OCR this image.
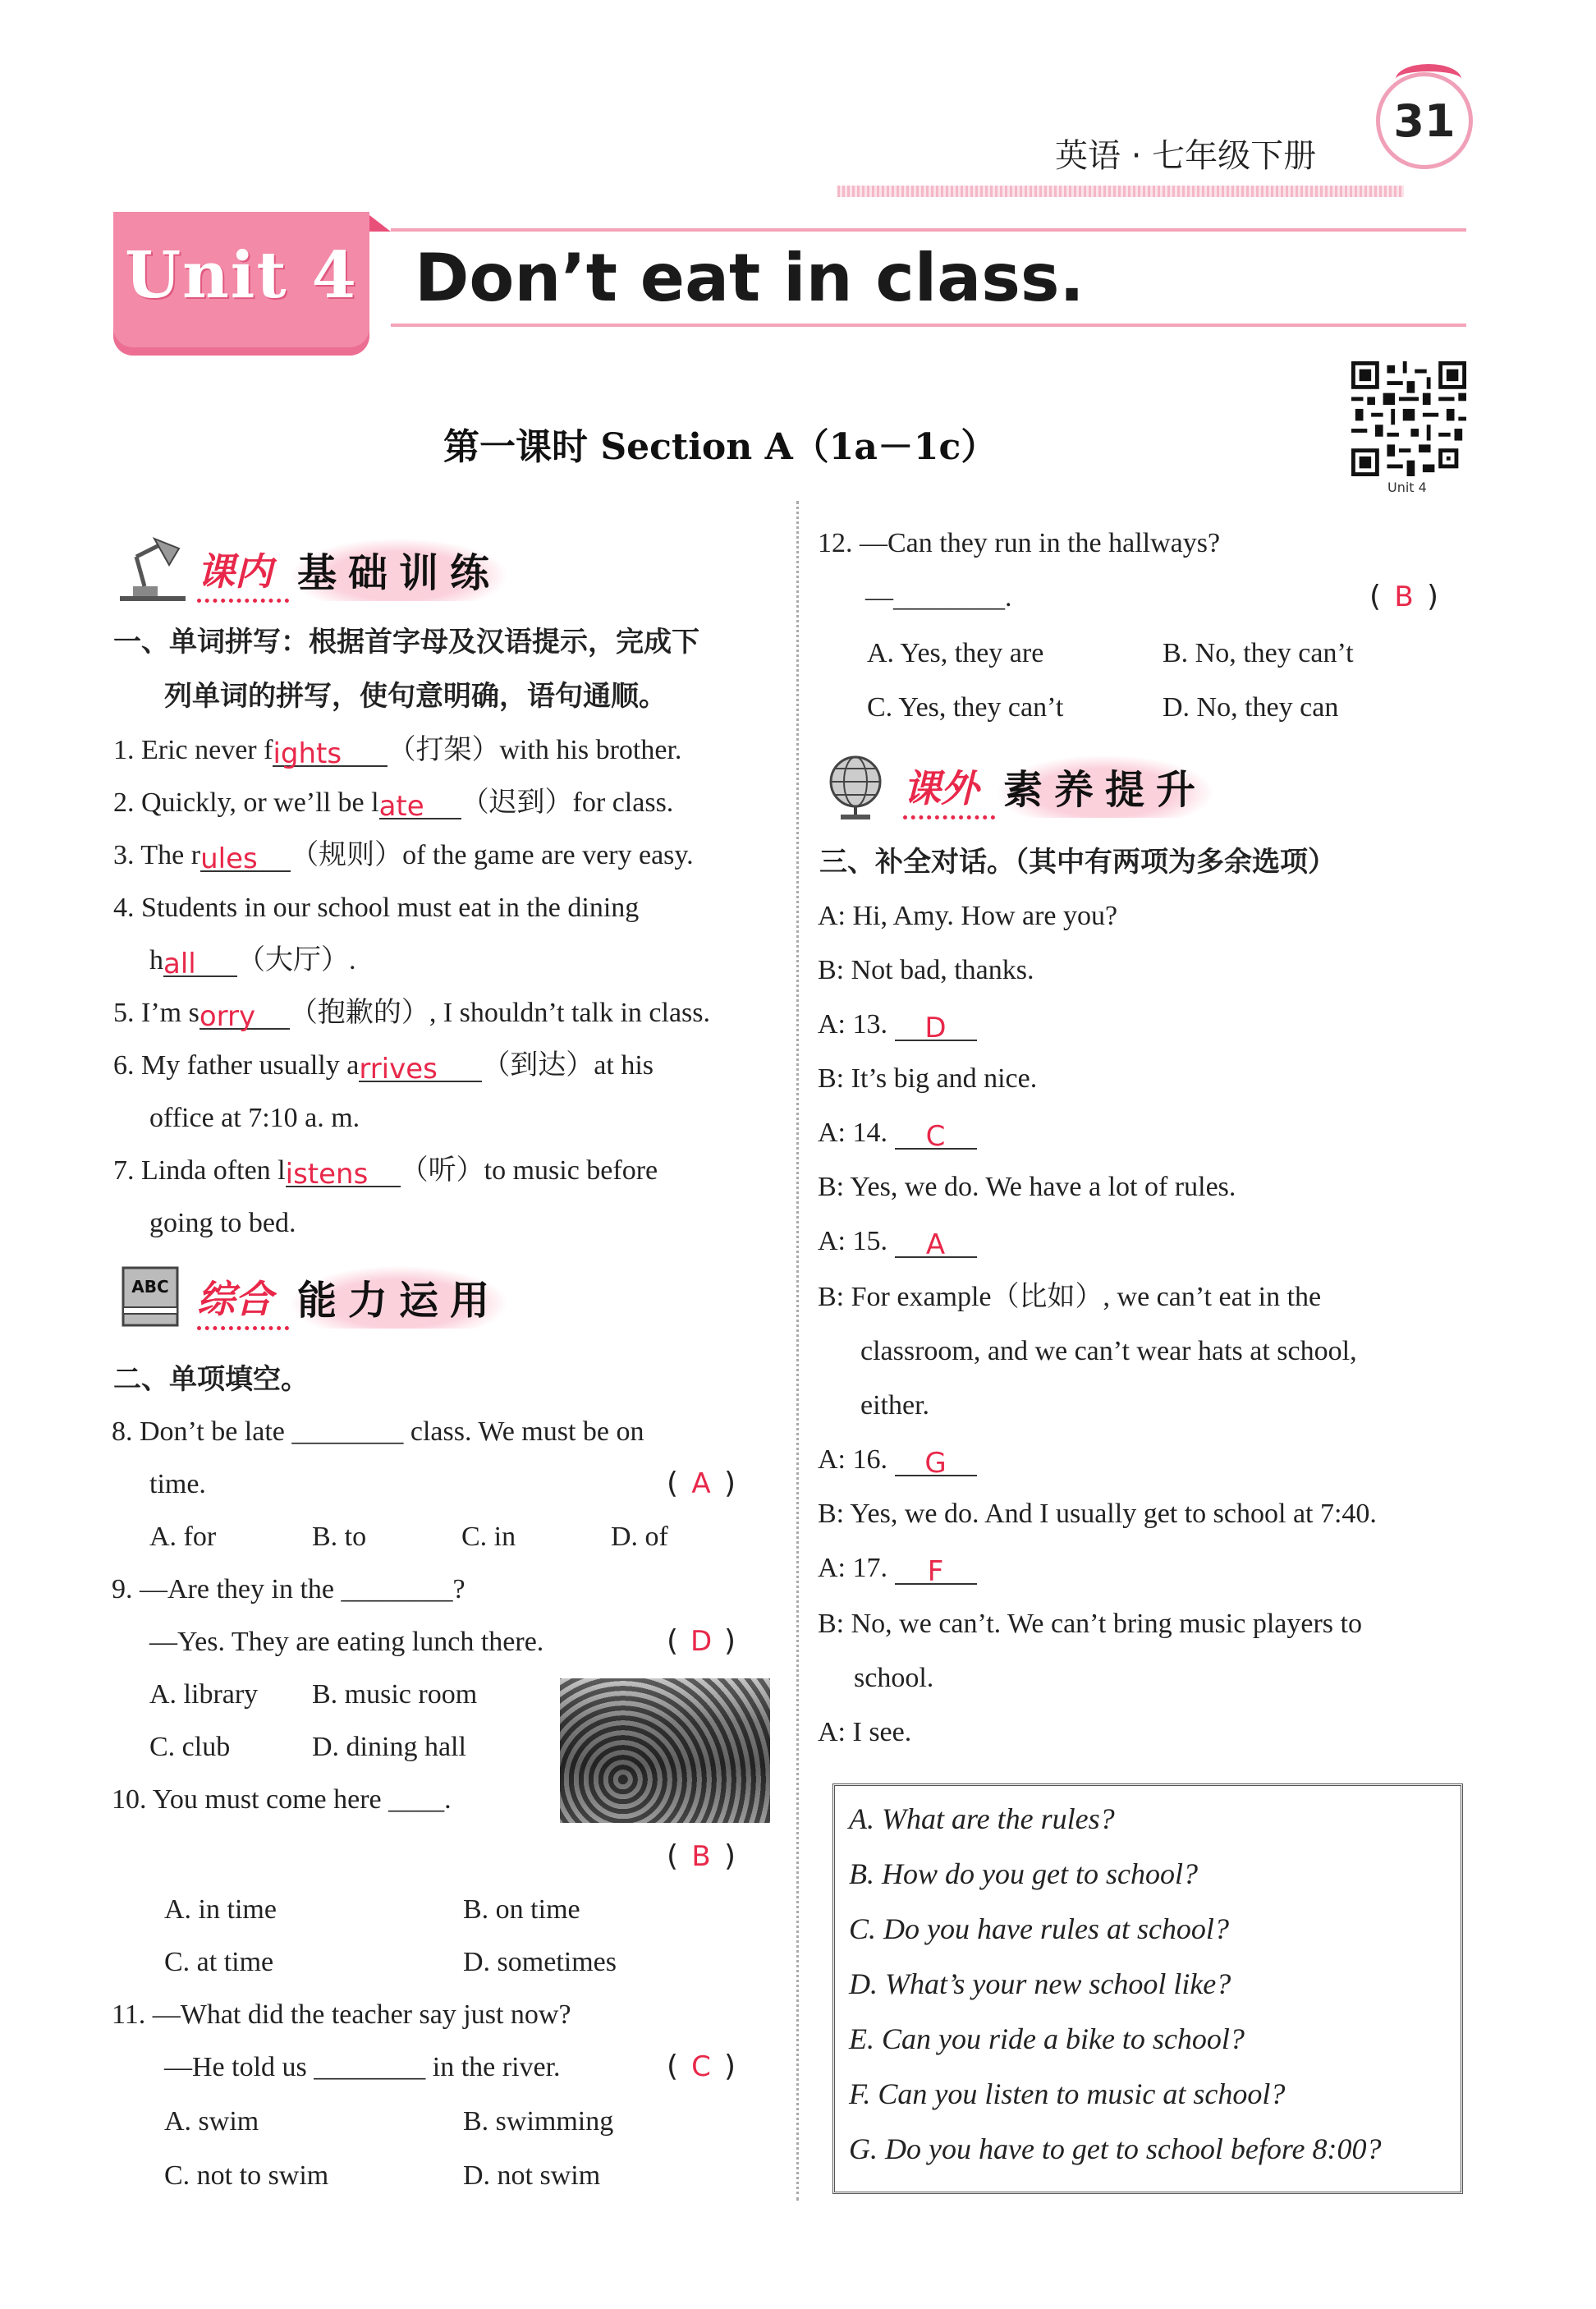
31
英语 · 七年级下册
Unit 4 Don’t eat in class.
Unit 4
第一课时 Section A（1a－1c）
课内 基础训练
一、单词拼写：根据首字母及汉语提示，完成下
列单词的拼写，使句意明确，语句通顺。
1. Eric never fights （打架）with his brother.
2. Quickly, or we’ll be late （迟到）for class.
3. The rules （规则）of the game are very easy.
4. Students in our school must eat in the dining
hall （大厅）.
5. I’m sorry （抱歉的）, I shouldn’t talk in class.
6. My father usually arrives （到达）at his
office at 7:10 a. m.
7. Linda often listens （听）to music before
going to bed.
ABC 综合 能力运用
二、单项填空。
8. Don’t be late ________ class. We must be on
time.	( A )
A. for	B. to	C. in	D. of
9. —Are they in the ________?
—Yes. They are eating lunch there.	( D )
A. library B. music room
C. club	D. dining hall
10. You must come here ____.
( B )
A. in time	B. on time
C. at time	D. sometimes
11. —What did the teacher say just now?
—He told us ________ in the river.	( C )
A. swim	B. swimming
C. not to swim	D. not swim
12. —Can they run in the hallways?
—________.	( B )
A. Yes, they are	B. No, they can’t
C. Yes, they can’t	D. No, they can
课外 素养提升
三、补全对话。（其中有两项为多余选项）
A: Hi, Amy. How are you?
B: Not bad, thanks.
A: 13. D
B: It’s big and nice.
A: 14. C
B: Yes, we do. We have a lot of rules.
A: 15. A
B: For example（比如）, we can’t eat in the
classroom, and we can’t wear hats at school,
either.
A: 16. G
B: Yes, we do. And I usually get to school at 7:40.
A: 17. F
B: No, we can’t. We can’t bring music players to
school.
A: I see.
A. What are the rules?
B. How do you get to school?
C. Do you have rules at school?
D. What’s your new school like?
E. Can you ride a bike to school?
F. Can you listen to music at school?
G. Do you have to get to school before 8:00?
